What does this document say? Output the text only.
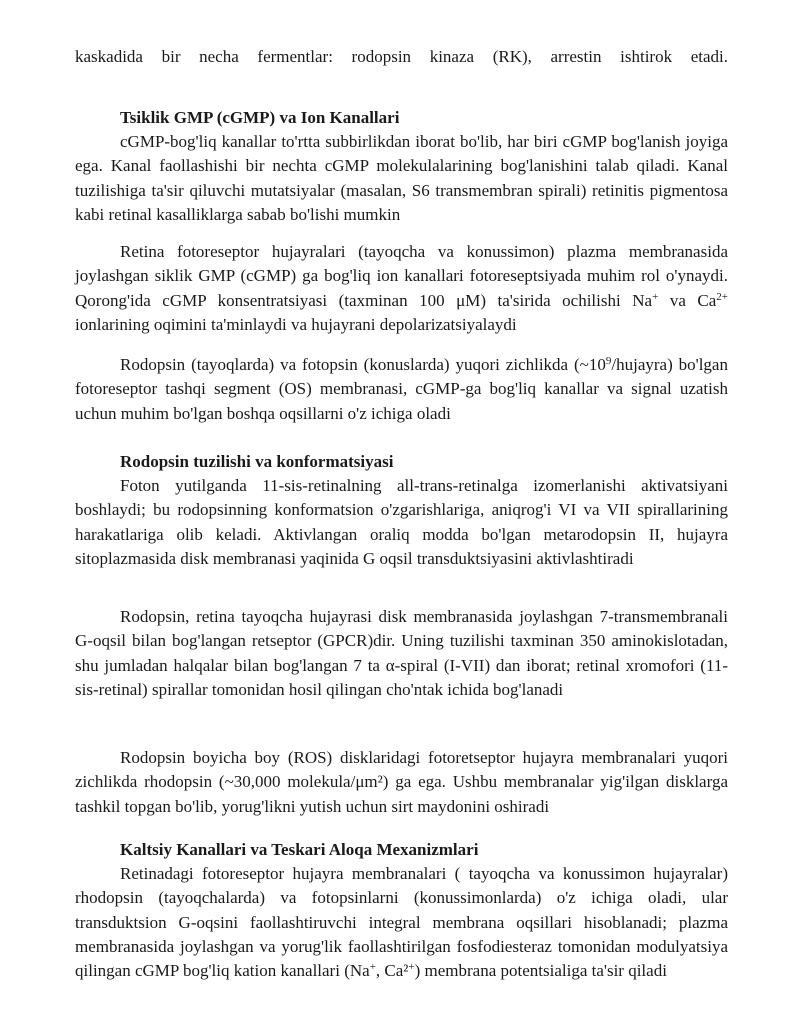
kaskadida bir necha fermentlar: rodopsin kinaza (RK), arrestin ishtirok etadi.

Tsiklik GMP (cGMP) va Ion Kanallari

cGMP-bog'liq kanallar to'rtta subbirlikdan iborat bo'lib, har biri cGMP bog'lanish joyiga ega. Kanal faollashishi bir nechta cGMP molekulalarining bog'lanishini talab qiladi. Kanal tuzilishiga ta'sir qiluvchi mutatsiyalar (masalan, S6 transmembran spirali) retinitis pigmentosa kabi retinal kasalliklarga sabab bo'lishi mumkin

Retina fotoreseptor hujayralari (tayoqcha va konussimon) plazma membranasida joylashgan siklik GMP (cGMP) ga bog'liq ion kanallari fotoreseptsiyada muhim rol o'ynaydi. Qorong'ida cGMP konsentratsiyasi (taxminan 100 μM) ta'sirida ochilishi Na+ va $Ca^{2+}$ ionlarining oqimini ta'minlaydi va hujayrani depolarizatsiyalaydi

Rodopsin (tayoqlarda) va fotopsin (konuslarda) yuqori zichlikda $(\sim 10^9/hujayra)$ bo'lgan fotoreseptor tashqi segment (OS) membranasi, cGMP-ga bog'liq kanallar va signal uzatish uchun muhim bo'lgan boshqa oqsillarni o'z ichiga oladi

Rodopsin tuzilishi va konformatsiyasi

Foton yutilganda 11-sis-retinalning all-trans-retinalga izomerlanishi aktivatsiyani boshlaydi; bu rodopsinning konformatsion o'zgarishlariga, aniqrog'i VI va VII spirallarining harakatlariga olib keladi. Aktivlangan oraliq modda bo'lgan metarodopsin II, hujayra sitoplazmasida disk membranasi yaqinida G oqsil transduktsiyasini aktivlashtiradi

Rodopsin, retina tayoqcha hujayrasi disk membranasida joylashgan 7-transmembranali G-oqsil bilan bog'langan retseptor (GPCR)dir. Uning tuzilishi taxminan 350 aminokislotadan, shu jumladan halqalar bilan bog'langan 7 ta α-spiral (I-VII) dan iborat; retinal xromofori (11-sis-retinal) spirallar tomonidan hosil qilingan cho'ntak ichida bog'lanadi

Rodopsin boyicha boy (ROS) disklaridagi fotoretseptor hujayra membranalari yuqori zichlikda rhodopsin (~30,000 molekula/μm²) ga ega. Ushbu membranalar yig'ilgan disklarga tashkil topgan bo'lib, yorug'likni yutish uchun sirt maydonini oshiradi

Kaltsiy Kanallari va Teskari Aloqa Mexanizmlari

Retinadagi fotoreseptor hujayra membranalari ( tayoqcha va konussimon hujayralar) rhodopsin (tayoqchalarda) va fotopsinlarni (konussimonlarda) o'z ichiga oladi, ular transduktsion G-oqsini faollashtiruvchi integral membrana oqsillari hisoblanadi; plazma membranasida joylashgan va yorug'lik faollashtirilgan fosfodiesteraz tomonidan modulyatsiya qilingan cGMP bog'liq kation kanallari (Na+, Ca²+) membrana potentsialiga ta'sir qiladi
